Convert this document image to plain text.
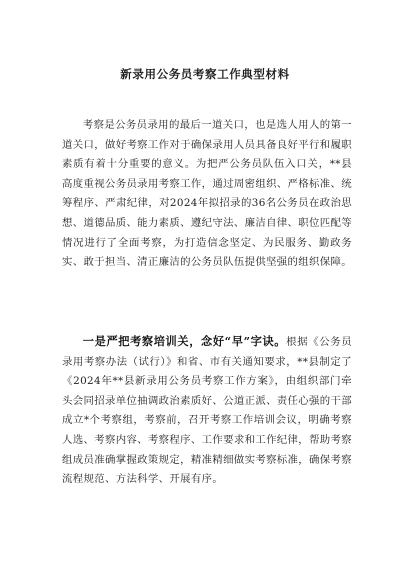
新录用公务员考察工作典型材料

考察是公务员录用的最后一道关口，也是选人用人的第一道关口，做好考察工作对于确保录用人员具备良好平行和履职素质有着十分重要的意义。为把严公务员队伍入口关，**县高度重视公务员录用考察工作，通过周密组织、严格标准、统筹程序、严肃纪律，对2024年拟招录的36名公务员在政治思想、道德品质、能力素质、遵纪守法、廉洁自律、职位匹配等情况进行了全面考察，为打造信念坚定、为民服务、勤政务实、敢于担当、清正廉洁的公务员队伍提供坚强的组织保障。

一是严把考察培训关，念好“早”字诀。根据《公务员录用考察办法（试行）》和省、市有关通知要求，**县制定了《2024年**县新录用公务员考察工作方案》，由组织部门牵头会同招录单位抽调政治素质好、公道正派、责任心强的干部成立*个考察组，考察前，召开考察工作培训会议，明确考察人选、考察内容、考察程序、工作要求和工作纪律，帮助考察组成员准确掌握政策规定，精准精细做实考察标准，确保考察流程规范、方法科学、开展有序。
